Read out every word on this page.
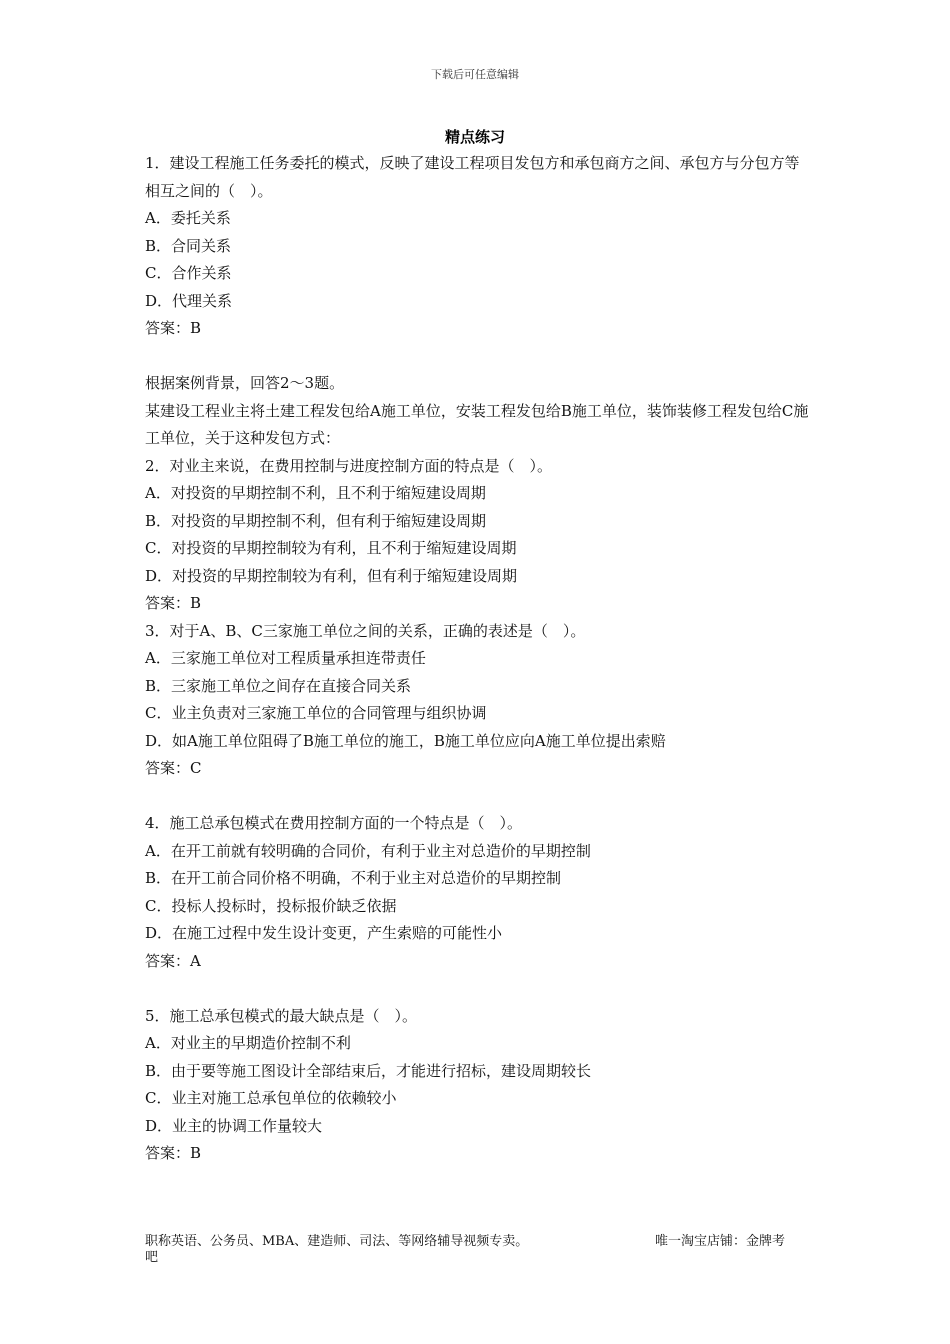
下载后可任意编辑
精点练习
1．建设工程施工任务委托的模式，反映了建设工程项目发包方和承包商方之间、承包方与分包方等相互之间的（　）。
A．委托关系
B．合同关系
C．合作关系
D．代理关系
答案：B
根据案例背景，回答2～3题。
某建设工程业主将土建工程发包给A施工单位，安装工程发包给B施工单位，装饰装修工程发包给C施工单位，关于这种发包方式：
2．对业主来说，在费用控制与进度控制方面的特点是（　）。
A．对投资的早期控制不利，且不利于缩短建设周期
B．对投资的早期控制不利，但有利于缩短建设周期
C．对投资的早期控制较为有利，且不利于缩短建设周期
D．对投资的早期控制较为有利，但有利于缩短建设周期
答案：B
3．对于A、B、C三家施工单位之间的关系，正确的表述是（　）。
A．三家施工单位对工程质量承担连带责任
B．三家施工单位之间存在直接合同关系
C．业主负责对三家施工单位的合同管理与组织协调
D．如A施工单位阻碍了B施工单位的施工，B施工单位应向A施工单位提出索赔
答案：C
4．施工总承包模式在费用控制方面的一个特点是（　）。
A．在开工前就有较明确的合同价，有利于业主对总造价的早期控制
B．在开工前合同价格不明确，不利于业主对总造价的早期控制
C．投标人投标时，投标报价缺乏依据
D．在施工过程中发生设计变更，产生索赔的可能性小
答案：A
5．施工总承包模式的最大缺点是（　）。
A．对业主的早期造价控制不利
B．由于要等施工图设计全部结束后，才能进行招标，建设周期较长
C．业主对施工总承包单位的依赖较小
D．业主的协调工作量较大
答案：B
职称英语、公务员、MBA、建造师、司法、等网络辅导视频专卖。	唯一淘宝店铺：金牌考
吧
